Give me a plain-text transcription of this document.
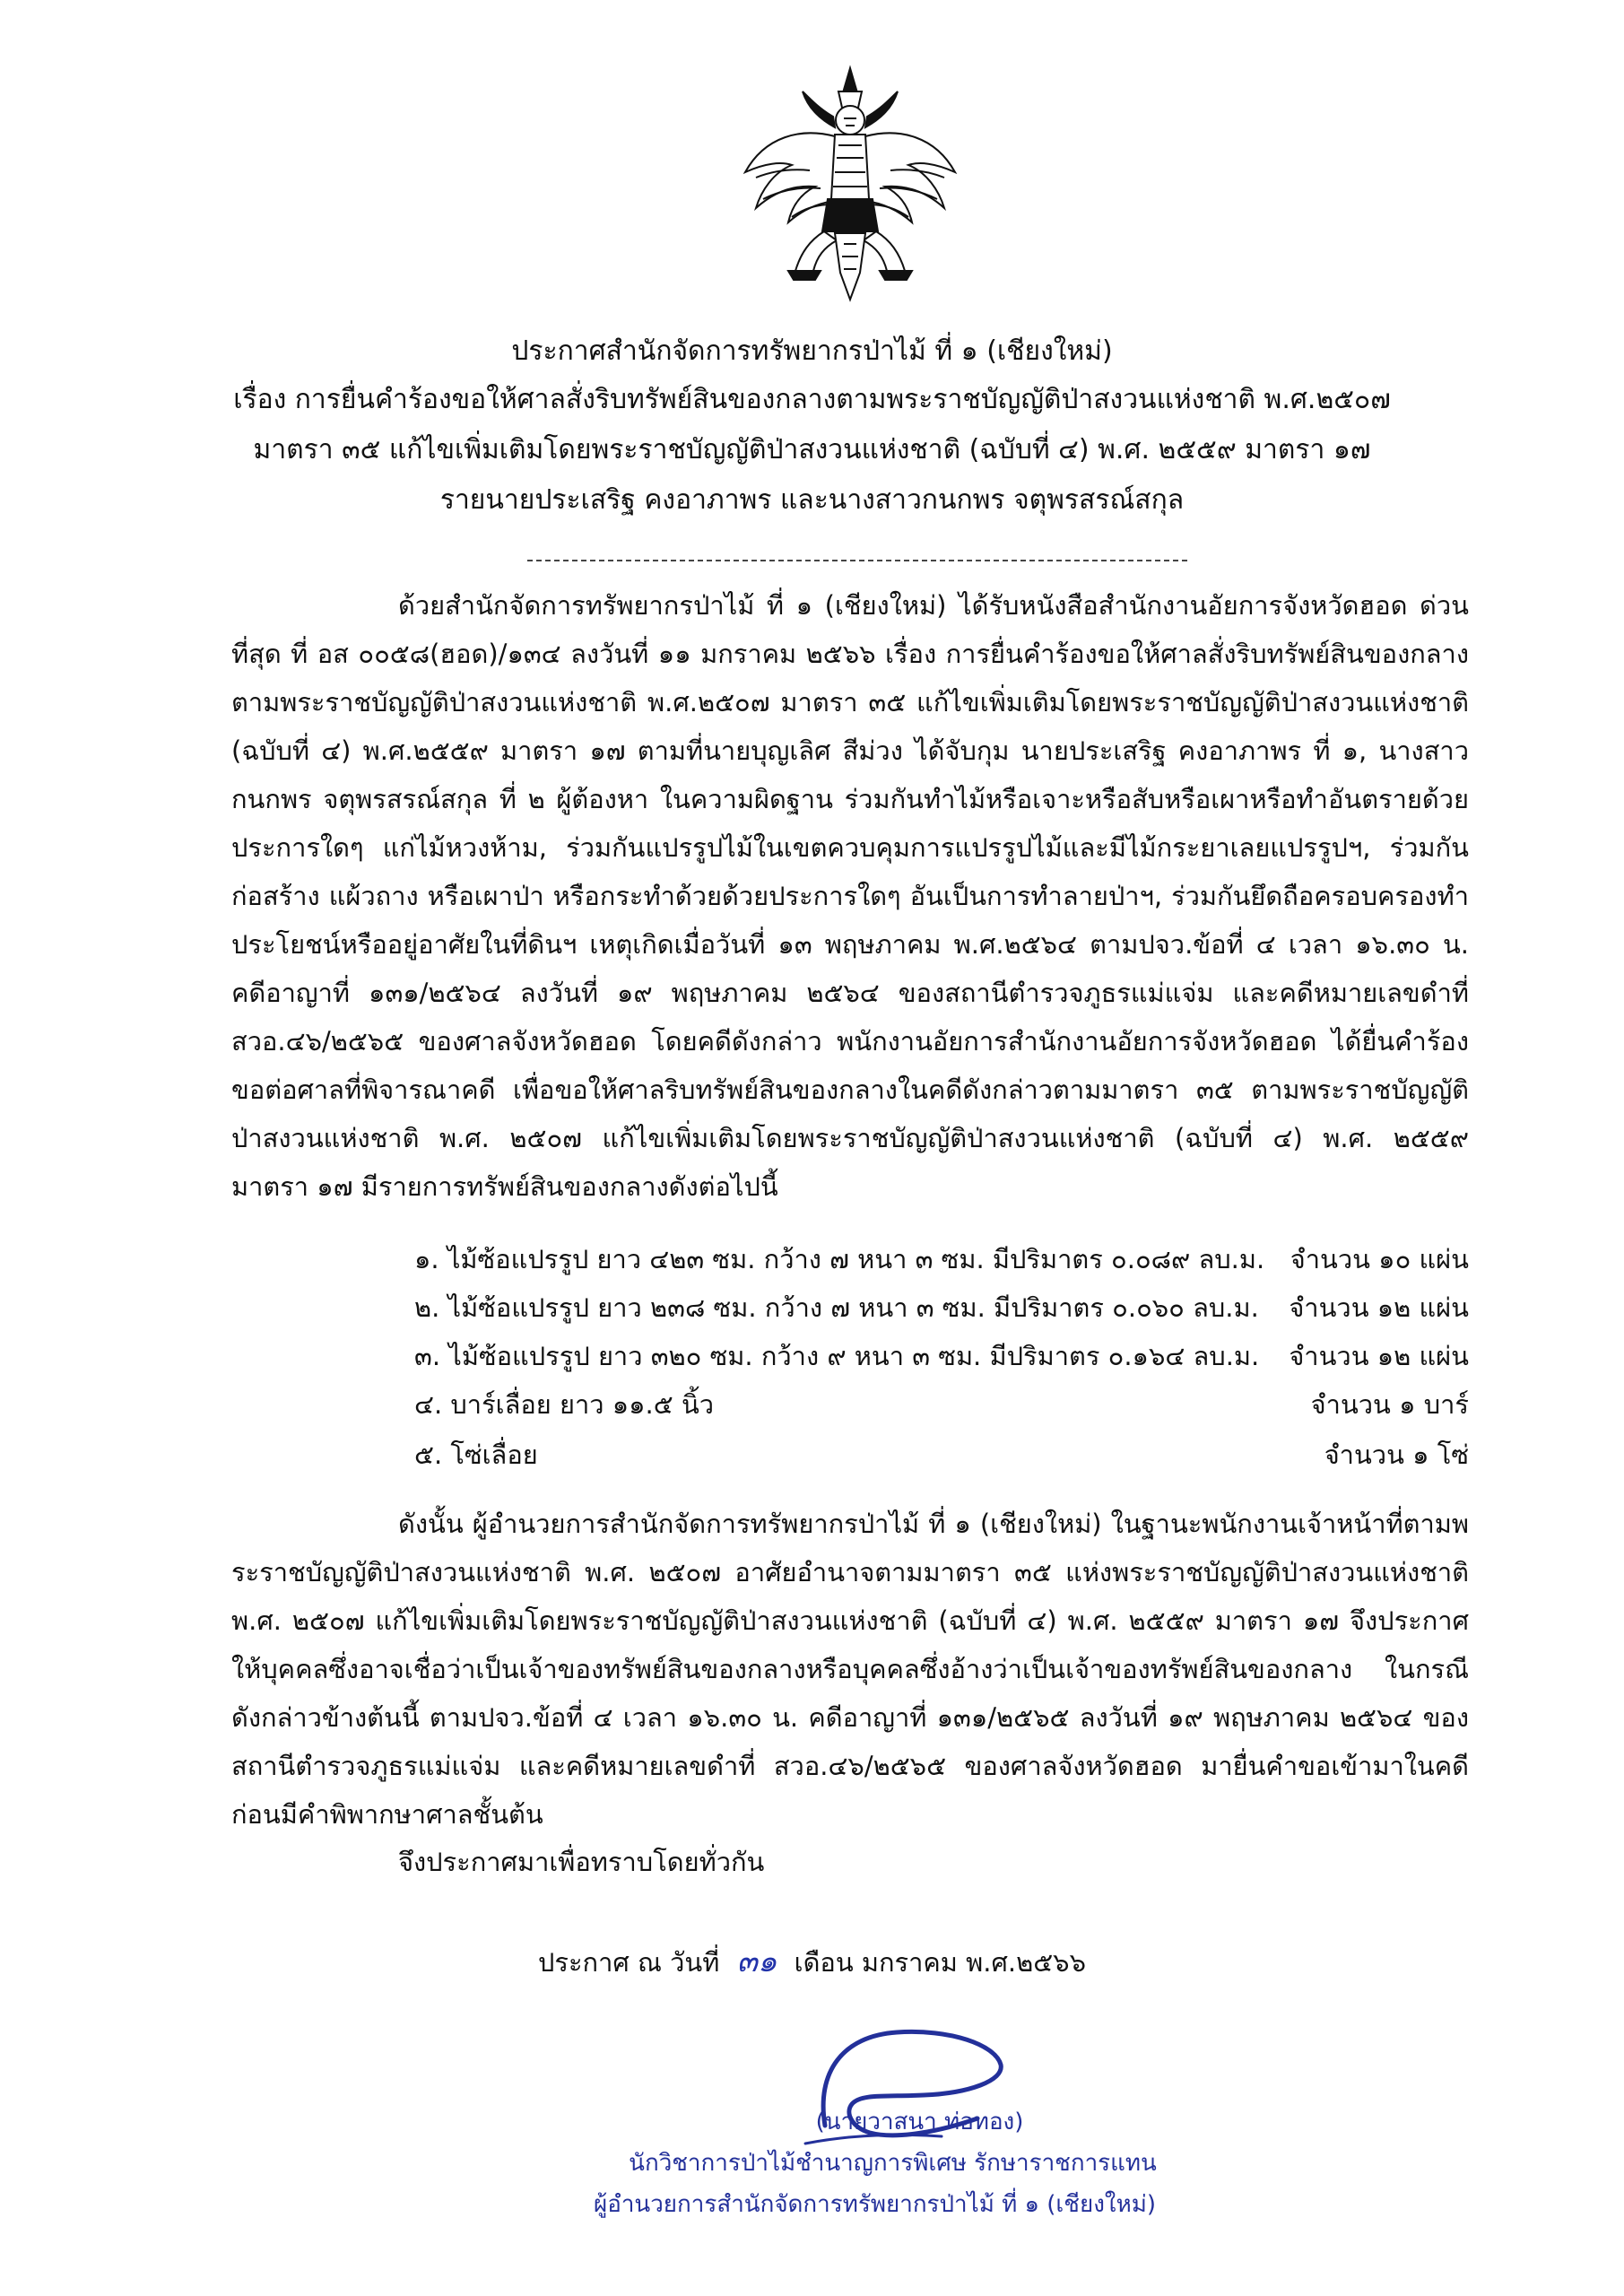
ประกาศสำนักจัดการทรัพยากรป่าไม้ ที่ ๑ (เชียงใหม่)
เรื่อง การยื่นคำร้องขอให้ศาลสั่งริบทรัพย์สินของกลางตามพระราชบัญญัติป่าสงวนแห่งชาติ พ.ศ.๒๕๐๗
มาตรา ๓๕ แก้ไขเพิ่มเติมโดยพระราชบัญญัติป่าสงวนแห่งชาติ (ฉบับที่ ๔) พ.ศ. ๒๕๕๙ มาตรา ๑๗
รายนายประเสริฐ คงอาภาพร และนางสาวกนกพร จตุพรสรณ์สกุล
ด้วยสำนักจัดการทรัพยากรป่าไม้ ที่ ๑ (เชียงใหม่) ได้รับหนังสือสำนักงานอัยการจังหวัดฮอด ด่วนที่สุด ที่ อส ๐๐๕๘(ฮอด)/๑๓๔ ลงวันที่ ๑๑ มกราคม ๒๕๖๖ เรื่อง การยื่นคำร้องขอให้ศาลสั่งริบทรัพย์สินของกลาง ตามพระราชบัญญัติป่าสงวนแห่งชาติ พ.ศ.๒๕๐๗ มาตรา ๓๕ แก้ไขเพิ่มเติมโดยพระราชบัญญัติป่าสงวนแห่งชาติ (ฉบับที่ ๔) พ.ศ.๒๕๕๙ มาตรา ๑๗ ตามที่นายบุญเลิศ สีม่วง ได้จับกุม นายประเสริฐ คงอาภาพร ที่ ๑, นางสาวกนกพร จตุพรสรณ์สกุล ที่ ๒ ผู้ต้องหา ในความผิดฐาน ร่วมกันทำไม้หรือเจาะหรือสับหรือเผาหรือทำอันตรายด้วยประการใดๆ แก่ไม้หวงห้าม, ร่วมกันแปรรูปไม้ในเขตควบคุมการแปรรูปไม้และมีไม้กระยาเลยแปรรูปฯ, ร่วมกันก่อสร้าง แผ้วถาง หรือเผาป่า หรือกระทำด้วยด้วยประการใดๆ อันเป็นการทำลายป่าฯ, ร่วมกันยึดถือครอบครองทำประโยชน์หรืออยู่อาศัยในที่ดินฯ เหตุเกิดเมื่อวันที่ ๑๓ พฤษภาคม พ.ศ.๒๕๖๔ ตามปจว.ข้อที่ ๔ เวลา ๑๖.๓๐ น. คดีอาญาที่ ๑๓๑/๒๕๖๔ ลงวันที่ ๑๙ พฤษภาคม ๒๕๖๔ ของสถานีตำรวจภูธรแม่แจ่ม และคดีหมายเลขดำที่ สวอ.๔๖/๒๕๖๕ ของศาลจังหวัดฮอด โดยคดีดังกล่าว พนักงานอัยการสำนักงานอัยการจังหวัดฮอด ได้ยื่นคำร้องขอต่อศาลที่พิจารณาคดี เพื่อขอให้ศาลริบทรัพย์สินของกลางในคดีดังกล่าวตามมาตรา ๓๕ ตามพระราชบัญญัติป่าสงวนแห่งชาติ พ.ศ. ๒๕๐๗ แก้ไขเพิ่มเติมโดยพระราชบัญญัติป่าสงวนแห่งชาติ (ฉบับที่ ๔) พ.ศ. ๒๕๕๙ มาตรา ๑๗ มีรายการทรัพย์สินของกลางดังต่อไปนี้
๑. ไม้ซ้อแปรรูป ยาว ๔๒๓ ซม. กว้าง ๗ หนา ๓ ซม. มีปริมาตร ๐.๐๘๙ ลบ.ม. จำนวน ๑๐ แผ่น
๒. ไม้ซ้อแปรรูป ยาว ๒๓๘ ซม. กว้าง ๗ หนา ๓ ซม. มีปริมาตร ๐.๐๖๐ ลบ.ม. จำนวน ๑๒ แผ่น
๓. ไม้ซ้อแปรรูป ยาว ๓๒๐ ซม. กว้าง ๙ หนา ๓ ซม. มีปริมาตร ๐.๑๖๔ ลบ.ม. จำนวน ๑๒ แผ่น
๔. บาร์เลื่อย ยาว ๑๑.๕ นิ้ว	จำนวน ๑ บาร์
๕. โซ่เลื่อย	จำนวน ๑ โซ่
ดังนั้น ผู้อำนวยการสำนักจัดการทรัพยากรป่าไม้ ที่ ๑ (เชียงใหม่) ในฐานะพนักงานเจ้าหน้าที่ตามพระราชบัญญัติป่าสงวนแห่งชาติ พ.ศ. ๒๕๐๗ อาศัยอำนาจตามมาตรา ๓๕ แห่งพระราชบัญญัติป่าสงวนแห่งชาติ พ.ศ. ๒๕๐๗ แก้ไขเพิ่มเติมโดยพระราชบัญญัติป่าสงวนแห่งชาติ (ฉบับที่ ๔) พ.ศ. ๒๕๕๙ มาตรา ๑๗ จึงประกาศให้บุคคลซึ่งอาจเชื่อว่าเป็นเจ้าของทรัพย์สินของกลางหรือบุคคลซึ่งอ้างว่าเป็นเจ้าของทรัพย์สินของกลาง ในกรณีดังกล่าวข้างต้นนี้ ตามปจว.ข้อที่ ๔ เวลา ๑๖.๓๐ น. คดีอาญาที่ ๑๓๑/๒๕๖๕ ลงวันที่ ๑๙ พฤษภาคม ๒๕๖๔ ของสถานีตำรวจภูธรแม่แจ่ม และคดีหมายเลขดำที่ สวอ.๔๖/๒๕๖๕ ของศาลจังหวัดฮอด มายื่นคำขอเข้ามาในคดีก่อนมีคำพิพากษาศาลชั้นต้น
จึงประกาศมาเพื่อทราบโดยทั่วกัน
ประกาศ ณ วันที่ ๓๑ เดือน มกราคม พ.ศ.๒๕๖๖
(นายวาสนา ท่อทอง)
นักวิชาการป่าไม้ชำนาญการพิเศษ รักษาราชการแทน
ผู้อำนวยการสำนักจัดการทรัพยากรป่าไม้ ที่ ๑ (เชียงใหม่)
